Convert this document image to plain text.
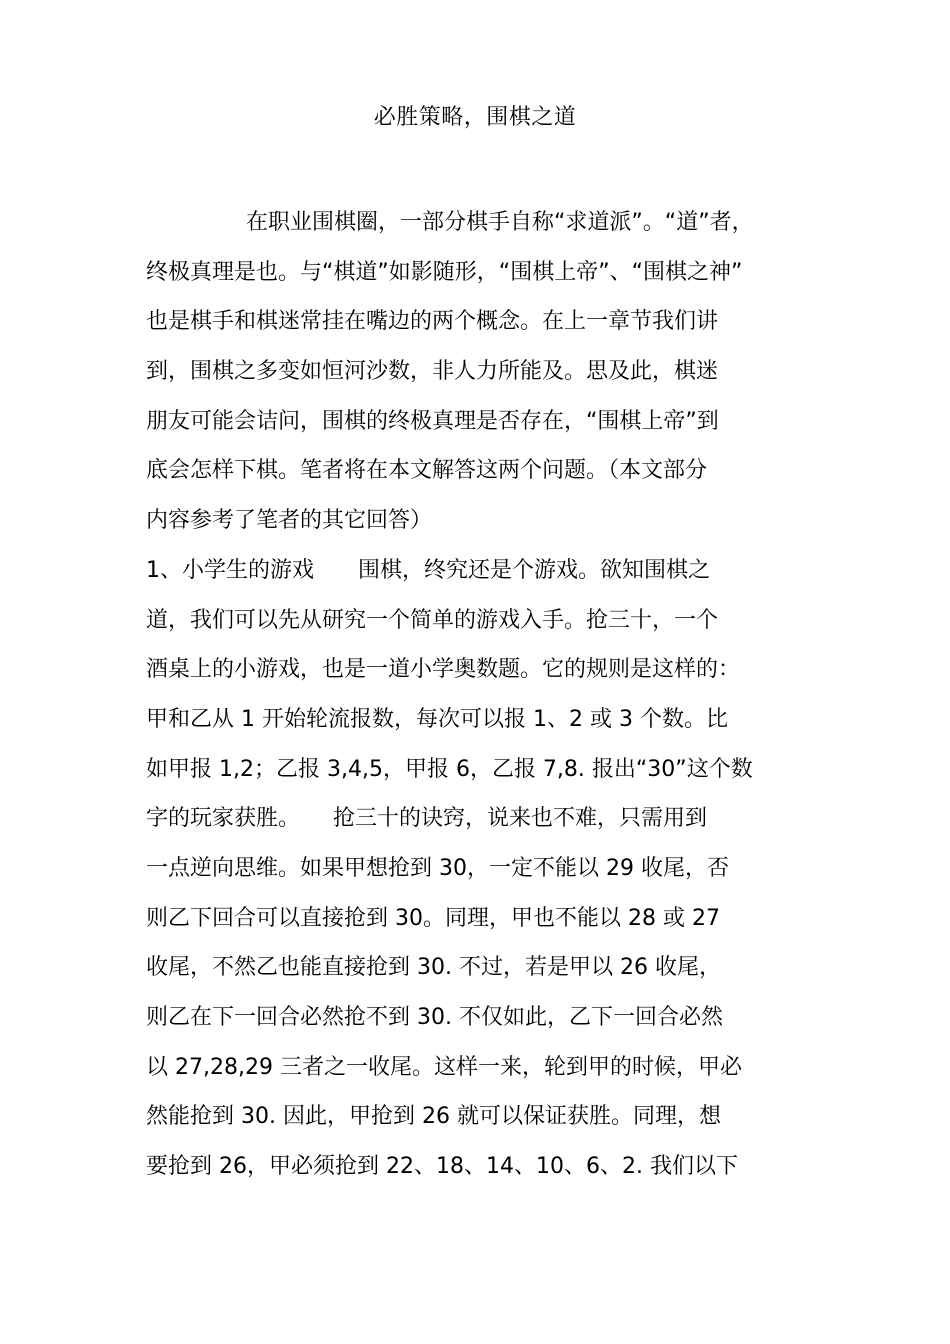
必胜策略，围棋之道
在职业围棋圈，一部分棋手自称“求道派”。“道”者，
终极真理是也。与“棋道”如影随形，“围棋上帝”、“围棋之神”
也是棋手和棋迷常挂在嘴边的两个概念。在上一章节我们讲
到，围棋之多变如恒河沙数，非人力所能及。思及此，棋迷
朋友可能会诘问，围棋的终极真理是否存在，“围棋上帝”到
底会怎样下棋。笔者将在本文解答这两个问题。（本文部分
内容参考了笔者的其它回答）
1、小学生的游戏　　围棋，终究还是个游戏。欲知围棋之
道，我们可以先从研究一个简单的游戏入手。抢三十，一个
酒桌上的小游戏，也是一道小学奥数题。它的规则是这样的：
甲和乙从 1 开始轮流报数，每次可以报 1、2 或 3 个数。比
如甲报 1,2；乙报 3,4,5，甲报 6，乙报 7,8. 报出“30”这个数
字的玩家获胜。　　抢三十的诀窍，说来也不难，只需用到
一点逆向思维。如果甲想抢到 30，一定不能以 29 收尾，否
则乙下回合可以直接抢到 30。同理，甲也不能以 28 或 27
收尾，不然乙也能直接抢到 30. 不过，若是甲以 26 收尾，
则乙在下一回合必然抢不到 30. 不仅如此，乙下一回合必然
以 27,28,29 三者之一收尾。这样一来，轮到甲的时候，甲必
然能抢到 30. 因此，甲抢到 26 就可以保证获胜。同理，想
要抢到 26，甲必须抢到 22、18、14、10、6、2. 我们以下
